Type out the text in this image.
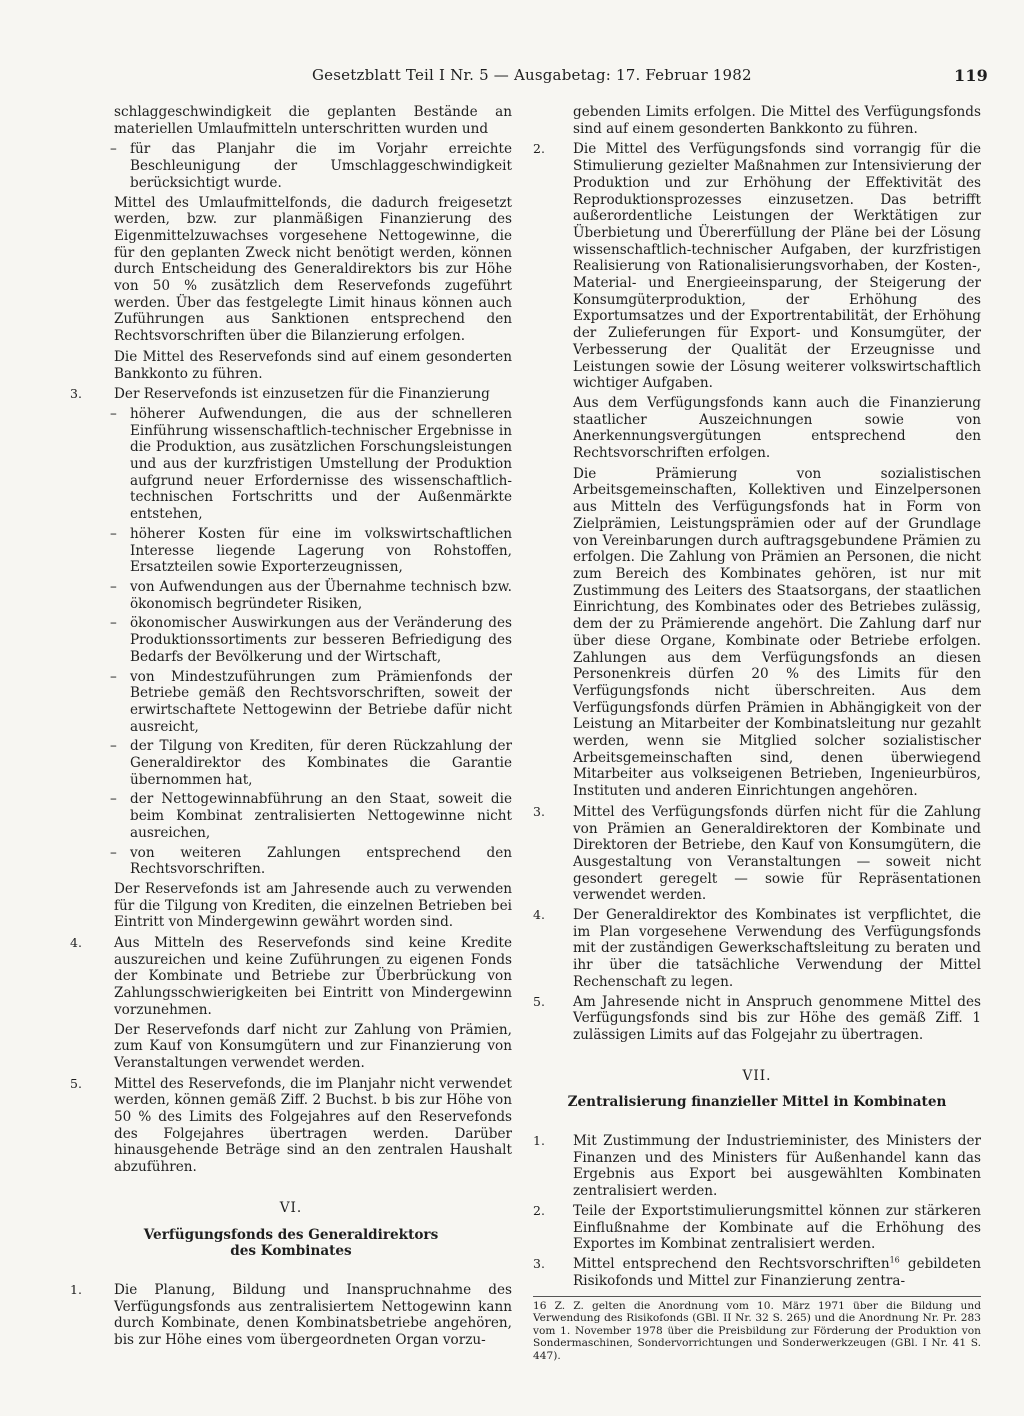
Gesetzblatt Teil I Nr. 5 — Ausgabetag: 17. Februar 1982	119

schlaggeschwindigkeit die geplanten Bestände an materiellen Umlaufmitteln unterschritten wurden und

– für das Planjahr die im Vorjahr erreichte Beschleunigung der Umschlaggeschwindigkeit berücksichtigt wurde.

Mittel des Umlaufmittelfonds, die dadurch freigesetzt werden, bzw. zur planmäßigen Finanzierung des Eigenmittelzuwachses vorgesehene Nettogewinne, die für den geplanten Zweck nicht benötigt werden, können durch Entscheidung des Generaldirektors bis zur Höhe von 50 % zusätzlich dem Reservefonds zugeführt werden. Über das festgelegte Limit hinaus können auch Zuführungen aus Sanktionen entsprechend den Rechtsvorschriften über die Bilanzierung erfolgen.

Die Mittel des Reservefonds sind auf einem gesonderten Bankkonto zu führen.

3. Der Reservefonds ist einzusetzen für die Finanzierung
– höherer Aufwendungen, die aus der schnelleren Einführung wissenschaftlich-technischer Ergebnisse in die Produktion, aus zusätzlichen Forschungsleistungen und aus der kurzfristigen Umstellung der Produktion aufgrund neuer Erfordernisse des wissenschaftlich-technischen Fortschritts und der Außenmärkte entstehen,
– höherer Kosten für eine im volkswirtschaftlichen Interesse liegende Lagerung von Rohstoffen, Ersatzteilen sowie Exporterzeugnissen,
– von Aufwendungen aus der Übernahme technisch bzw. ökonomisch begründeter Risiken,
– ökonomischer Auswirkungen aus der Veränderung des Produktionssortiments zur besseren Befriedigung des Bedarfs der Bevölkerung und der Wirtschaft,
– von Mindestzuführungen zum Prämienfonds der Betriebe gemäß den Rechtsvorschriften, soweit der erwirtschaftete Nettogewinn der Betriebe dafür nicht ausreicht,
– der Tilgung von Krediten, für deren Rückzahlung der Generaldirektor des Kombinates die Garantie übernommen hat,
– der Nettogewinnabführung an den Staat, soweit die beim Kombinat zentralisierten Nettogewinne nicht ausreichen,
– von weiteren Zahlungen entsprechend den Rechtsvorschriften.

Der Reservefonds ist am Jahresende auch zu verwenden für die Tilgung von Krediten, die einzelnen Betrieben bei Eintritt von Mindergewinn gewährt worden sind.

4. Aus Mitteln des Reservefonds sind keine Kredite auszureichen und keine Zuführungen zu eigenen Fonds der Kombinate und Betriebe zur Überbrückung von Zahlungsschwierigkeiten bei Eintritt von Mindergewinn vorzunehmen.

Der Reservefonds darf nicht zur Zahlung von Prämien, zum Kauf von Konsumgütern und zur Finanzierung von Veranstaltungen verwendet werden.

5. Mittel des Reservefonds, die im Planjahr nicht verwendet werden, können gemäß Ziff. 2 Buchst. b bis zur Höhe von 50 % des Limits des Folgejahres auf den Reservefonds des Folgejahres übertragen werden. Darüber hinausgehende Beträge sind an den zentralen Haushalt abzuführen.
VI.
Verfügungsfonds des Generaldirektors
des Kombinates
1. Die Planung, Bildung und Inanspruchnahme des Verfügungsfonds aus zentralisiertem Nettogewinn kann durch Kombinate, denen Kombinatsbetriebe angehören, bis zur Höhe eines vom übergeordneten Organ vorzu-

gebenden Limits erfolgen. Die Mittel des Verfügungsfonds sind auf einem gesonderten Bankkonto zu führen.

2. Die Mittel des Verfügungsfonds sind vorrangig für die Stimulierung gezielter Maßnahmen zur Intensivierung der Produktion und zur Erhöhung der Effektivität des Reproduktionsprozesses einzusetzen. Das betrifft außerordentliche Leistungen der Werktätigen zur Überbietung und Übererfüllung der Pläne bei der Lösung wissenschaftlich-technischer Aufgaben, der kurzfristigen Realisierung von Rationalisierungsvorhaben, der Kosten-, Material- und Energieeinsparung, der Steigerung der Konsumgüterproduktion, der Erhöhung des Exportumsatzes und der Exportrentabilität, der Erhöhung der Zulieferungen für Export- und Konsumgüter, der Verbesserung der Qualität der Erzeugnisse und Leistungen sowie der Lösung weiterer volkswirtschaftlich wichtiger Aufgaben.

Aus dem Verfügungsfonds kann auch die Finanzierung staatlicher Auszeichnungen sowie von Anerkennungsvergütungen entsprechend den Rechtsvorschriften erfolgen.

Die Prämierung von sozialistischen Arbeitsgemeinschaften, Kollektiven und Einzelpersonen aus Mitteln des Verfügungsfonds hat in Form von Zielprämien, Leistungsprämien oder auf der Grundlage von Vereinbarungen durch auftragsgebundene Prämien zu erfolgen. Die Zahlung von Prämien an Personen, die nicht zum Bereich des Kombinates gehören, ist nur mit Zustimmung des Leiters des Staatsorgans, der staatlichen Einrichtung, des Kombinates oder des Betriebes zulässig, dem der zu Prämierende angehört. Die Zahlung darf nur über diese Organe, Kombinate oder Betriebe erfolgen. Zahlungen aus dem Verfügungsfonds an diesen Personenkreis dürfen 20 % des Limits für den Verfügungsfonds nicht überschreiten. Aus dem Verfügungsfonds dürfen Prämien in Abhängigkeit von der Leistung an Mitarbeiter der Kombinatsleitung nur gezahlt werden, wenn sie Mitglied solcher sozialistischer Arbeitsgemeinschaften sind, denen überwiegend Mitarbeiter aus volkseigenen Betrieben, Ingenieurbüros, Instituten und anderen Einrichtungen angehören.

3. Mittel des Verfügungsfonds dürfen nicht für die Zahlung von Prämien an Generaldirektoren der Kombinate und Direktoren der Betriebe, den Kauf von Konsumgütern, die Ausgestaltung von Veranstaltungen — soweit nicht gesondert geregelt — sowie für Repräsentationen verwendet werden.
4. Der Generaldirektor des Kombinates ist verpflichtet, die im Plan vorgesehene Verwendung des Verfügungsfonds mit der zuständigen Gewerkschaftsleitung zu beraten und ihr über die tatsächliche Verwendung der Mittel Rechenschaft zu legen.
5. Am Jahresende nicht in Anspruch genommene Mittel des Verfügungsfonds sind bis zur Höhe des gemäß Ziff. 1 zulässigen Limits auf das Folgejahr zu übertragen.
VII.
Zentralisierung finanzieller Mittel in Kombinaten
1. Mit Zustimmung der Industrieminister, des Ministers der Finanzen und des Ministers für Außenhandel kann das Ergebnis aus Export bei ausgewählten Kombinaten zentralisiert werden.
2. Teile der Exportstimulierungsmittel können zur stärkeren Einflußnahme der Kombinate auf die Erhöhung des Exportes im Kombinat zentralisiert werden.
3. Mittel entsprechend den Rechtsvorschriften$^{16}$ gebildeten Risikofonds und Mittel zur Finanzierung zentra-

16 Z. Z. gelten die Anordnung vom 10. März 1971 über die Bildung und Verwendung des Risikofonds (GBl. II Nr. 32 S. 265) und die Anordnung Nr. Pr. 283 vom 1. November 1978 über die Preisbildung zur Förderung der Produktion von Sondermaschinen, Sondervorrichtungen und Sonderwerkzeugen (GBl. I Nr. 41 S. 447).
